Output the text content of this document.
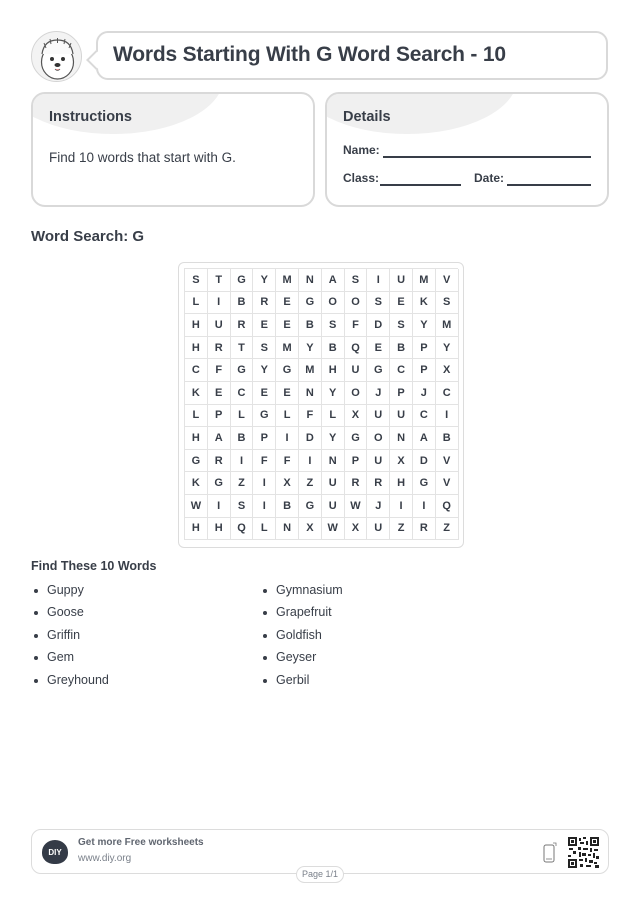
Words Starting With G Word Search - 10
Instructions
Find 10 words that start with G.
Details
Name:
Class:	Date:
Word Search: G
S	T	G	Y	M	N	A	S	I	U	M	V
L	I	B	R	E	G	O	O	S	E	K	S
H	U	R	E	E	B	S	F	D	S	Y	M
H	R	T	S	M	Y	B	Q	E	B	P	Y
C	F	G	Y	G	M	H	U	G	C	P	X
K	E	C	E	E	N	Y	O	J	P	J	C
L	P	L	G	L	F	L	X	U	U	C	I
H	A	B	P	I	D	Y	G	O	N	A	B
G	R	I	F	F	I	N	P	U	X	D	V
K	G	Z	I	X	Z	U	R	R	H	G	V
W	I	S	I	B	G	U	W	J	I	I	Q
H	H	Q	L	N	X	W	X	U	Z	R	Z
Find These 10 Words
Guppy
Goose
Griffin
Gem
Greyhound
Gymnasium
Grapefruit
Goldfish
Geyser
Gerbil
DIY
Get more Free worksheets
www.diy.org
Page 1/1
